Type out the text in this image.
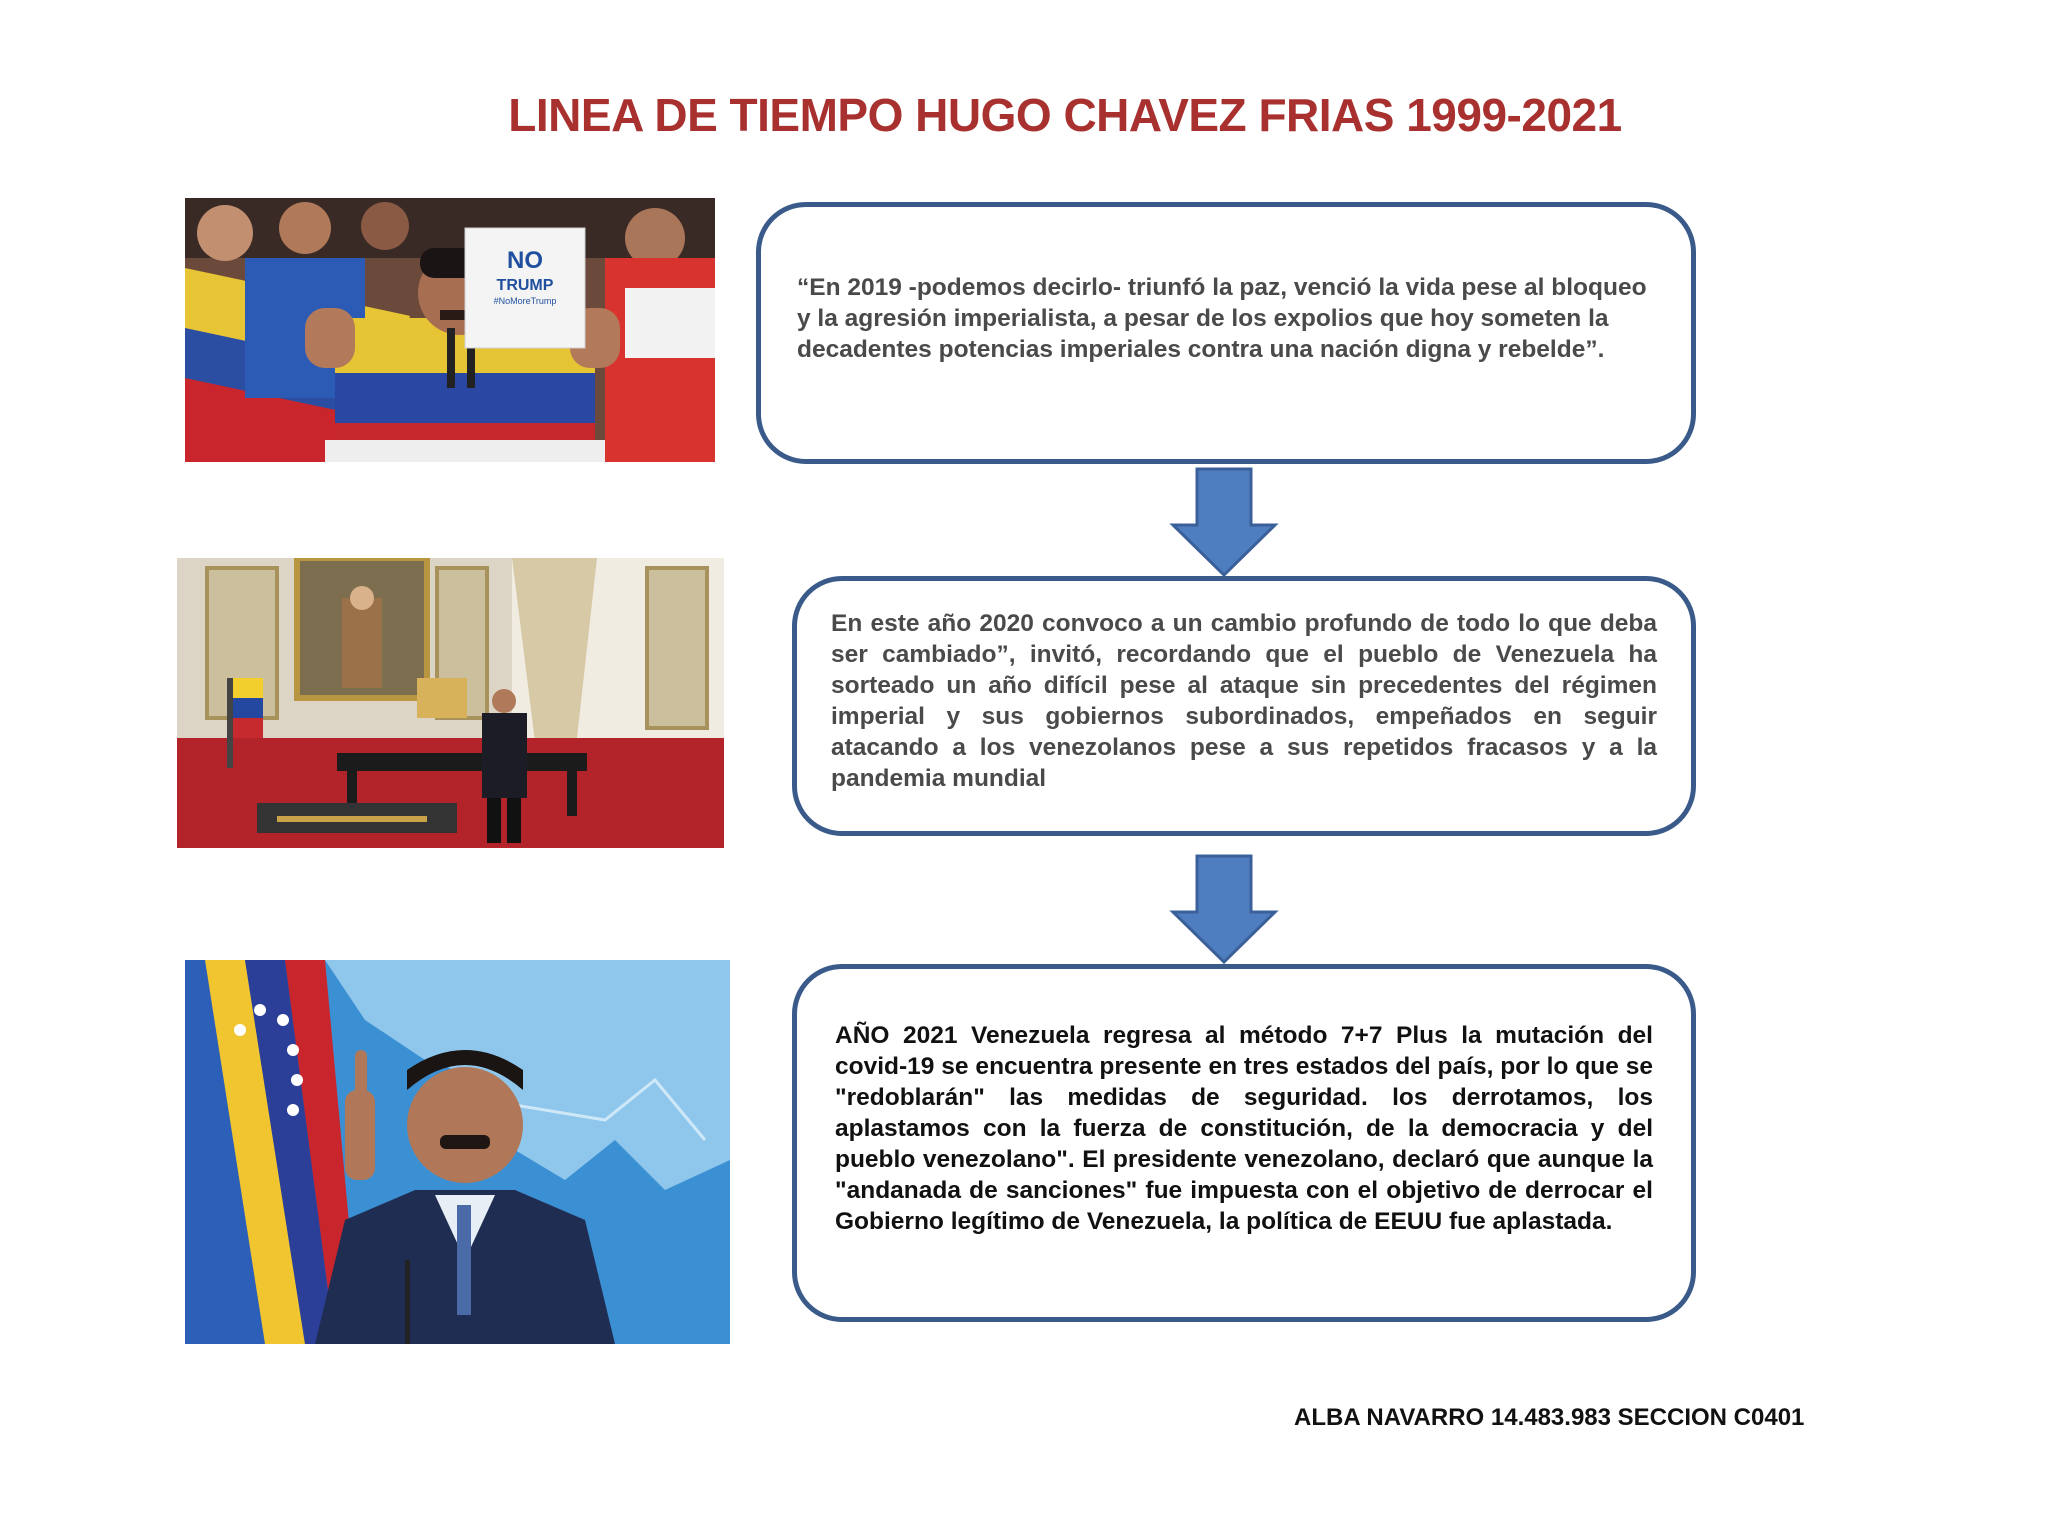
LINEA DE TIEMPO HUGO CHAVEZ FRIAS 1999-2021
NO
TRUMP
#NoMoreTrump

“En 2019 -podemos decirlo- triunfó la paz, venció la vida pese al bloqueo y la agresión imperialista, a pesar de los expolios que hoy someten la decadentes potencias imperiales contra una nación digna y rebelde”.

En este año 2020 convoco a un cambio profundo de todo lo que deba ser cambiado”, invitó, recordando que el pueblo de Venezuela ha sorteado un año difícil pese al ataque sin precedentes del régimen imperial y sus gobiernos subordinados, empeñados en seguir atacando a los venezolanos pese a sus repetidos fracasos y a la pandemia mundial

AÑO 2021 Venezuela regresa al método 7+7 Plus la mutación del covid-19 se encuentra presente en tres estados del país, por lo que se "redoblarán" las medidas de seguridad. los derrotamos, los aplastamos con la fuerza de constitución, de la democracia y del pueblo venezolano". El presidente venezolano, declaró que aunque la "andanada de sanciones" fue impuesta con el objetivo de derrocar el Gobierno legítimo de Venezuela, la política de EEUU fue aplastada.

ALBA NAVARRO 14.483.983 SECCION C0401
